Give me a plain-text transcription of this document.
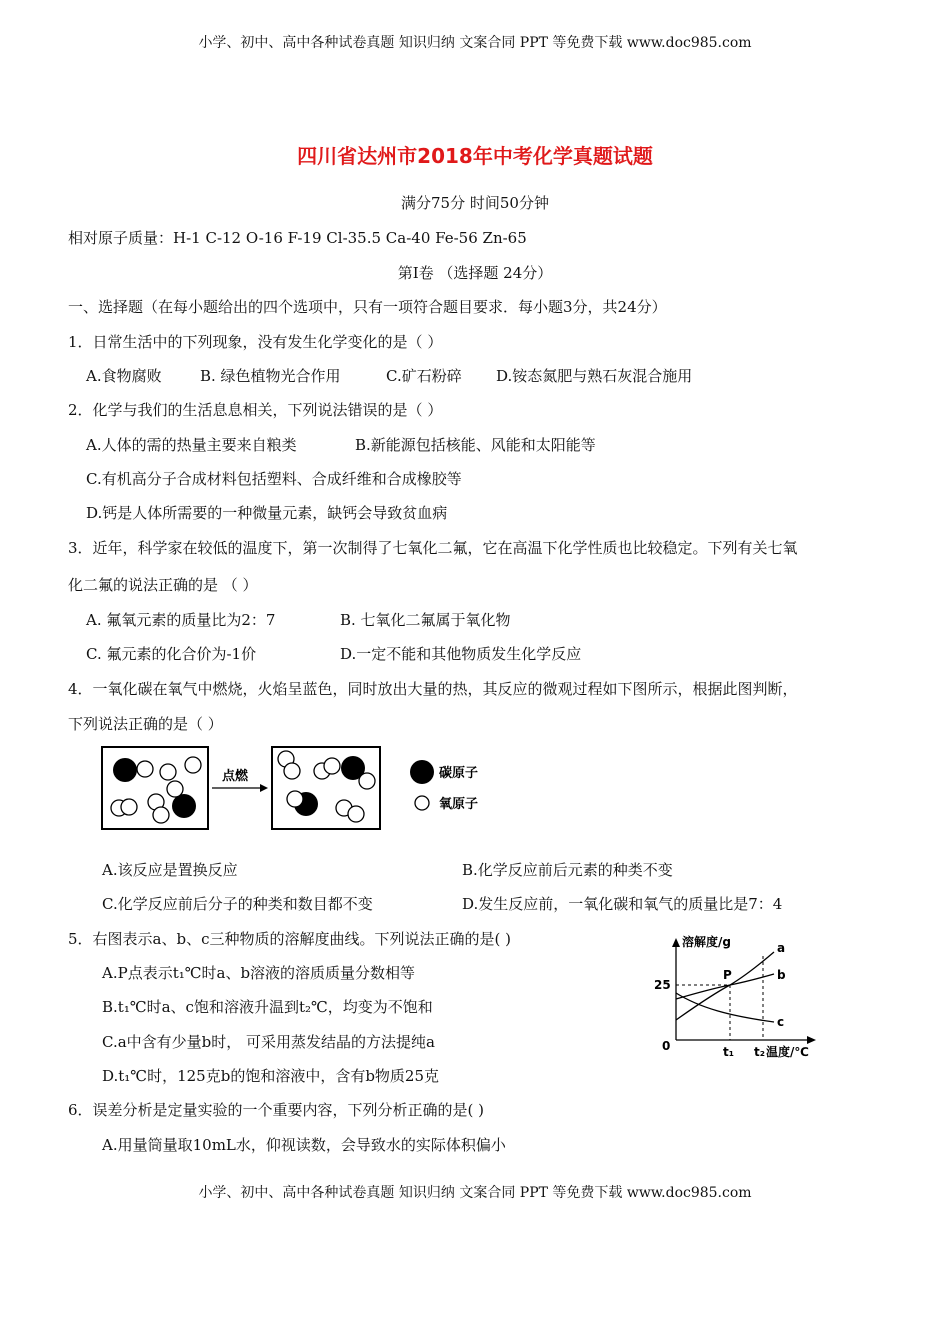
小学、初中、高中各种试卷真题 知识归纳 文案合同 PPT 等免费下载 www.doc985.com
四川省达州市2018年中考化学真题试题
满分75分 时间50分钟
相对原子质量：H-1 C-12 O-16 F-19 Cl-35.5 Ca-40 Fe-56 Zn-65
第Ⅰ卷 （选择题 24分）
一、选择题（在每小题给出的四个选项中，只有一项符合题目要求．每小题3分，共24分）
1．日常生活中的下列现象，没有发生化学变化的是（ ）
A.食物腐败	B. 绿色植物光合作用	C.矿石粉碎 D.铵态氮肥与熟石灰混合施用
2．化学与我们的生活息息相关，下列说法错误的是（ ）
A.人体的需的热量主要来自粮类	B.新能源包括核能、风能和太阳能等
C.有机高分子合成材料包括塑料、合成纤维和合成橡胶等
D.钙是人体所需要的一种微量元素，缺钙会导致贫血病
3．近年，科学家在较低的温度下，第一次制得了七氧化二氟，它在高温下化学性质也比较稳定。下列有关七氧
化二氟的说法正确的是 （ ）
A. 氟氧元素的质量比为2：7	B. 七氧化二氟属于氧化物
C. 氟元素的化合价为-1价	D.一定不能和其他物质发生化学反应
4．一氧化碳在氧气中燃烧，火焰呈蓝色，同时放出大量的热，其反应的微观过程如下图所示，根据此图判断，
下列说法正确的是（ ）
点燃	碳原子
氧原子
A.该反应是置换反应	B.化学反应前后元素的种类不变
C.化学反应前后分子的种类和数目都不变	D.发生反应前，一氧化碳和氧气的质量比是7：4
5．右图表示a、b、c三种物质的溶解度曲线。下列说法正确的是( )
A.P点表示t₁℃时a、b溶液的溶质质量分数相等
B.t₁℃时a、c饱和溶液升温到t₂℃，均变为不饱和
C.a中含有少量b时， 可采用蒸发结晶的方法提纯a
D.t₁℃时，125克b的饱和溶液中，含有b物质25克
溶解度/g
温度/℃
0
25
a
b
c
P
t₁ t₂
6．误差分析是定量实验的一个重要内容，下列分析正确的是( )
A.用量筒量取10mL水，仰视读数，会导致水的实际体积偏小
小学、初中、高中各种试卷真题 知识归纳 文案合同 PPT 等免费下载 www.doc985.com
